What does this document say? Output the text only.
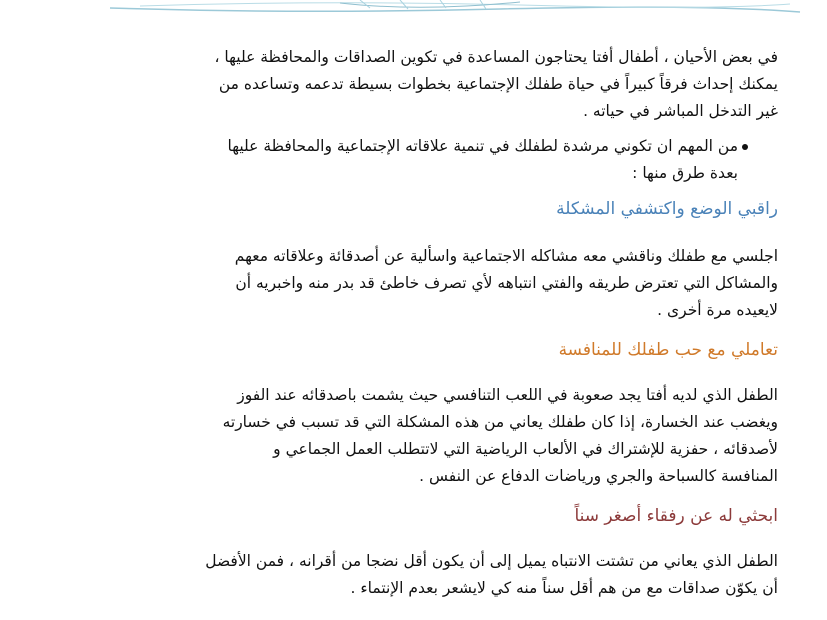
في بعض الأحيان ، أطفال أفتا يحتاجون المساعدة في تكوين الصداقات والمحافظة عليها ،

يمكنك إحداث فرقاً كبيراً في حياة طفلك الإجتماعية بخطوات بسيطة تدعمه وتساعده من

غير التدخل المباشر في حياته .

من المهم ان تكوني مرشدة لطفلك في تنمية علاقاته الإجتماعية والمحافظة عليها

بعدة طرق منها :

راقبي الوضع واكتشفي المشكلة

اجلسي مع طفلك وناقشي معه مشاكله الاجتماعية واسألية عن أصدقائة وعلاقاته معهم

والمشاكل التي تعترض طريقه والفتي انتباهه لأي تصرف خاطئ قد بدر منه واخبريه أن

لايعيده مرة أخرى .

تعاملي مع حب طفلك للمنافسة

الطفل الذي لديه أفتا يجد صعوبة في اللعب التنافسي حيث يشمت باصدقائه عند الفوز

ويغضب عند الخسارة، إذا كان طفلك يعاني من هذه المشكلة التي قد تسبب في خسارته

لأصدقائه ، حفزية للإشتراك في الألعاب الرياضية التي لاتتطلب العمل الجماعي و

المنافسة كالسباحة والجري ورياضات الدفاع عن النفس .

ابحثي له عن رفقاء أصغر سناً

الطفل الذي يعاني من تشتت الانتباه يميل إلى أن يكون أقل نضجا من أقرانه ، فمن الأفضل

أن يكوّن صداقات مع من هم أقل سناً منه كي لايشعر بعدم الإنتماء .
